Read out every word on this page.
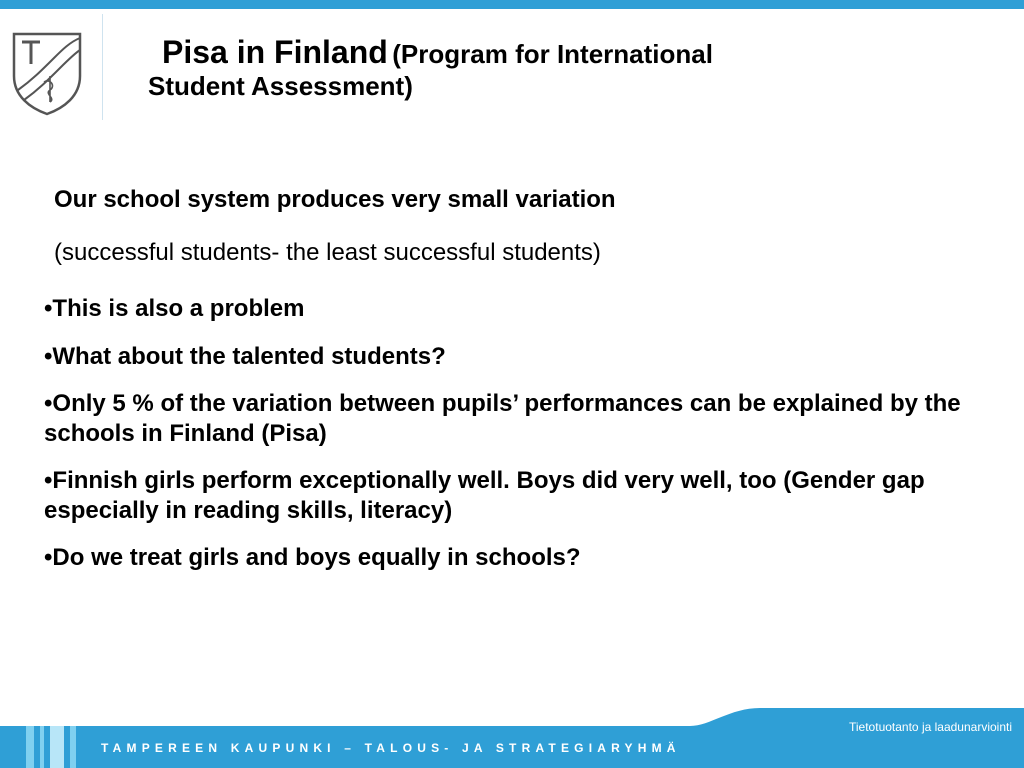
Pisa in Finland (Program for International
Student Assessment)
Our school system produces very small variation
(successful students- the least successful students)
•This is also a problem
•What about the talented students?
•Only 5 % of the variation between pupils’ performances can be explained by the schools in Finland (Pisa)
•Finnish girls perform exceptionally well. Boys did very well, too (Gender gap especially in reading skills, literacy)
•Do we treat girls and boys equally in schools?
TAMPEREEN KAUPUNKI – TALOUS- JA STRATEGIARYHMÄ
Tietotuotanto ja laadunarviointi
